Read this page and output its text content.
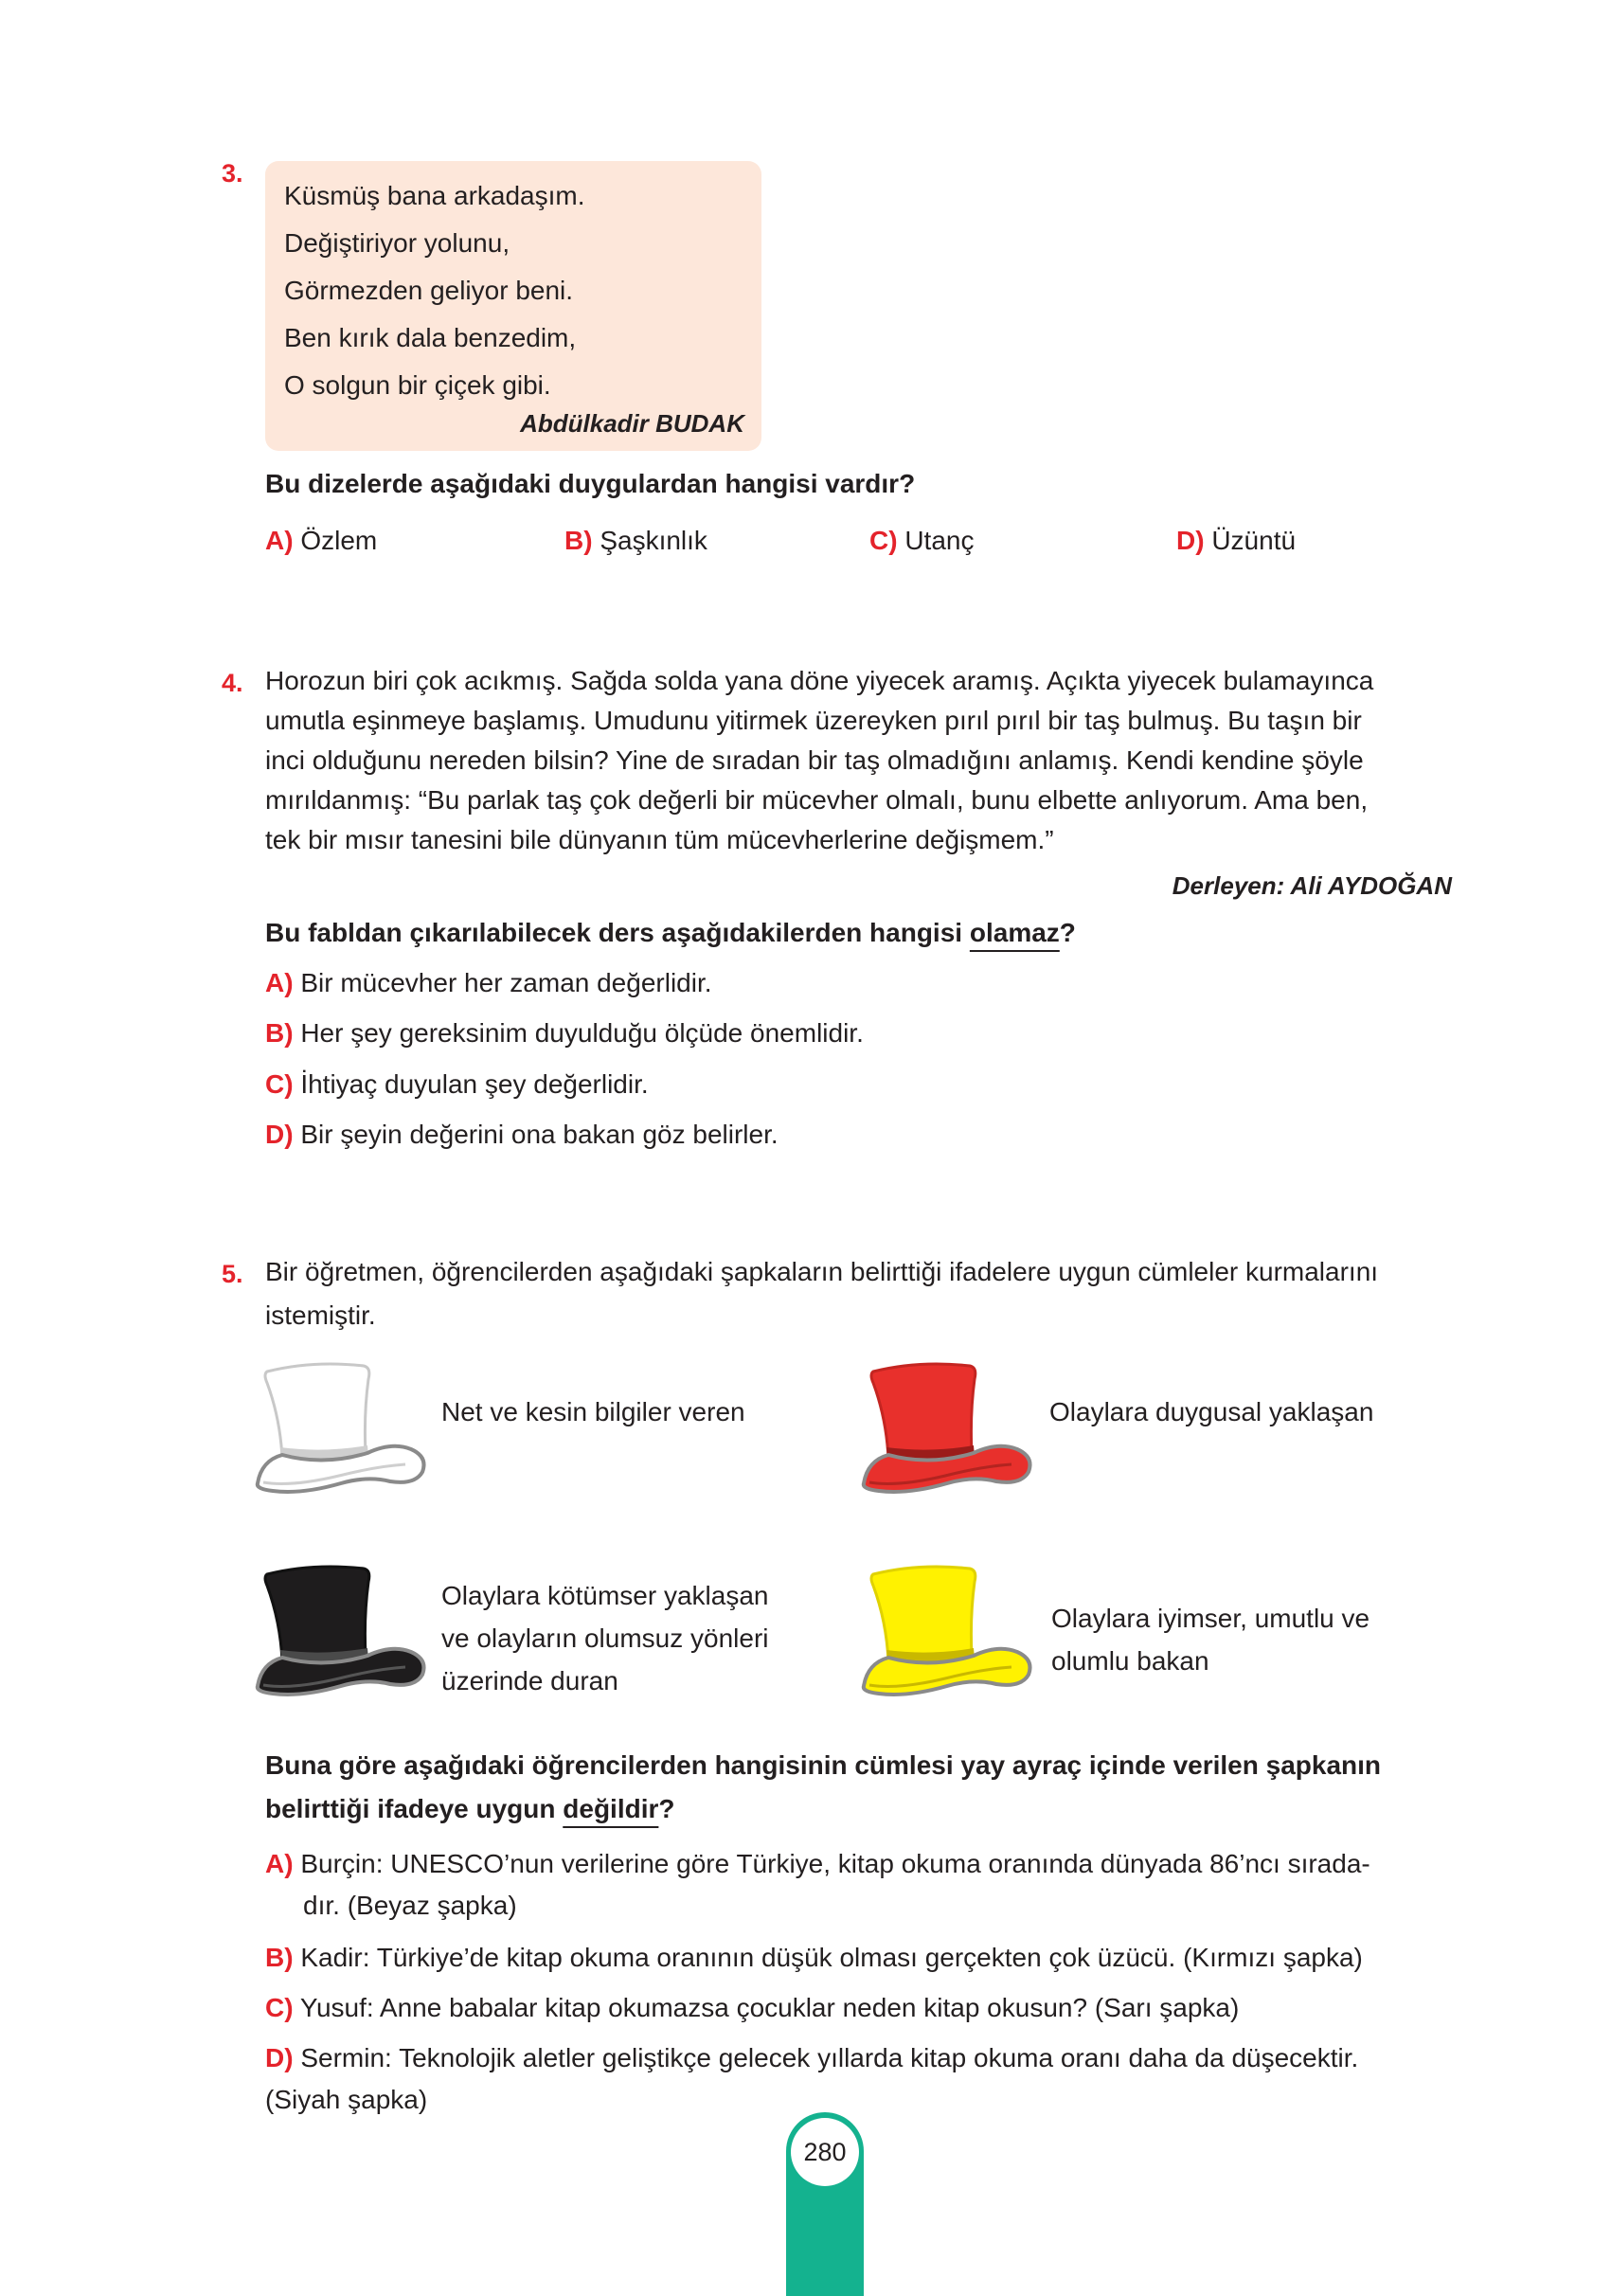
3.
Küsmüş bana arkadaşım.
Değiştiriyor yolunu,
Görmezden geliyor beni.
Ben kırık dala benzedim,
O solgun bir çiçek gibi.
Abdülkadir BUDAK
Bu dizelerde aşağıdaki duygulardan hangisi vardır?
A) Özlem	B) Şaşkınlık	C) Utanç	D) Üzüntü
4. Horozun biri çok acıkmış. Sağda solda yana döne yiyecek aramış. Açıkta yiyecek bulamayınca
umutla eşinmeye başlamış. Umudunu yitirmek üzereyken pırıl pırıl bir taş bulmuş. Bu taşın bir
inci olduğunu nereden bilsin? Yine de sıradan bir taş olmadığını anlamış. Kendi kendine şöyle
mırıldanmış: “Bu parlak taş çok değerli bir mücevher olmalı, bunu elbette anlıyorum. Ama ben,
tek bir mısır tanesini bile dünyanın tüm mücevherlerine değişmem.”
Derleyen: Ali AYDOĞAN
Bu fabldan çıkarılabilecek ders aşağıdakilerden hangisi olamaz?
A) Bir mücevher her zaman değerlidir.
B) Her şey gereksinim duyulduğu ölçüde önemlidir.
C) İhtiyaç duyulan şey değerlidir.
D) Bir şeyin değerini ona bakan göz belirler.
5. Bir öğretmen, öğrencilerden aşağıdaki şapkaların belirttiği ifadelere uygun cümleler kurmalarını
istemiştir.
Net ve kesin bilgiler veren	Olaylara duygusal yaklaşan
Olaylara kötümser yaklaşan
ve olayların olumsuz yönleri
üzerinde duran
Olaylara iyimser, umutlu ve
olumlu bakan
Buna göre aşağıdaki öğrencilerden hangisinin cümlesi yay ayraç içinde verilen şapkanın
belirttiği ifadeye uygun değildir?
A) Burçin: UNESCO’nun verilerine göre Türkiye, kitap okuma oranında dünyada 86’ncı sırada-
dır. (Beyaz şapka)
B) Kadir: Türkiye’de kitap okuma oranının düşük olması gerçekten çok üzücü. (Kırmızı şapka)
C) Yusuf: Anne babalar kitap okumazsa çocuklar neden kitap okusun? (Sarı şapka)
D) Sermin: Teknolojik aletler geliştikçe gelecek yıllarda kitap okuma oranı daha da düşecektir.
(Siyah şapka)
280
